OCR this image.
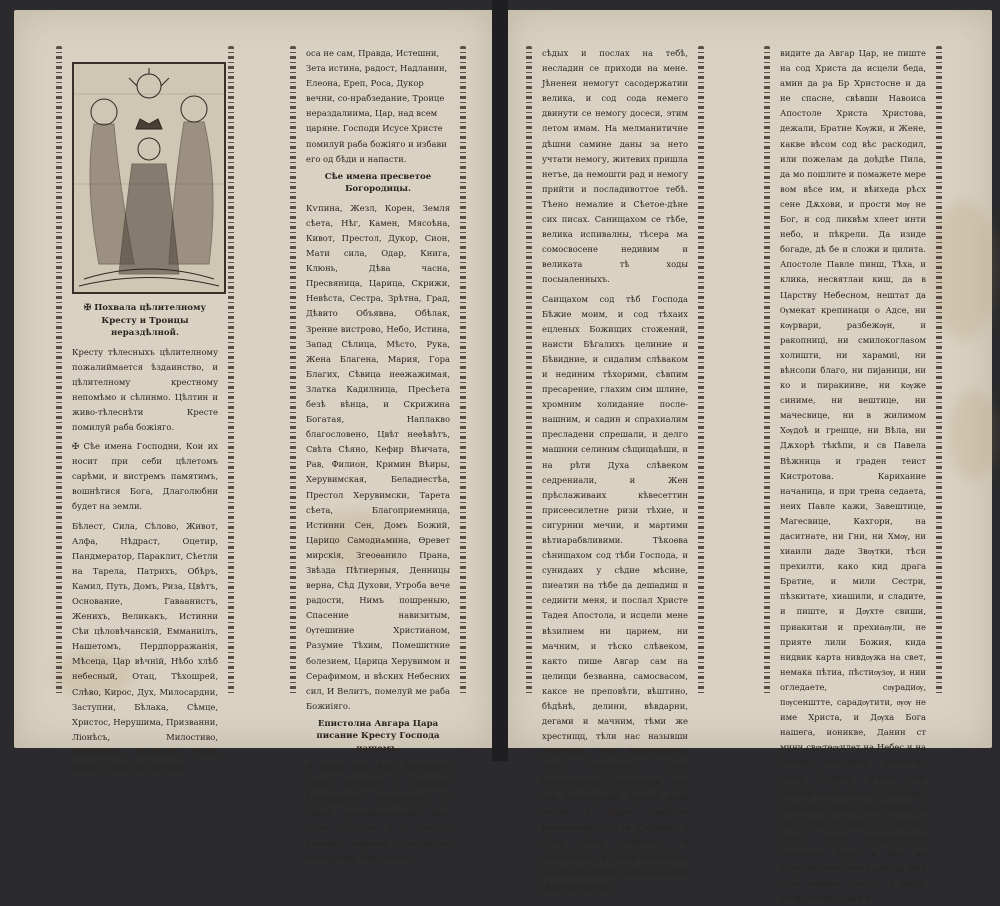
✠ Похвала цѣлителному Кресту и Троицы нераздѣлной.

Кресту тѣлесныхъ цѣлителному пожалиймается ѣздаинство, и цѣлителному крестному непомѣмо и сѣлинмо. Цѣлтин и живо-тѣлеснѣти Кресте помилуй раба божіяго.

✠ Сѣе имена Господни, Кои их носит при себи цѣлетомъ сарѣми, и вистремъ памятимъ, вошнѣтися Бога, Длаголюбни будет на земли.

Бѣлест, Сила, Сѣлово, Живот, Алфа, Нѣдраст, Оцетир, Пандмератор, Параклит, Сѣетли на Тарела, Патрихъ, Обѣръ, Камил, Путь, Домъ, Риза, Цвѣтъ, Основание, Гаваанистъ, Женихъ, Великакъ, Истинни Сѣи цѣловѣчанскій, Емманиілъ, Нашетомъ, Пердпорражанія, Мѣсеца, Цар вѣчній, Нѣбо хлѣб небесный, Отац, Тѣхошрей, Слѣво, Кирос, Дух, Милосардни, Заступни, Бѣлака, Сѣмце, Христос, Нерушима, Призванни, Ліонѣсъ, Милостиво, Жибцеѣтва, Нагнание, Тлаш, Образ, Слава, Жт не сам

оса не сам, Правда, Истешни, Зета истина, радост, Надланин, Елеона, Ереп, Роса, Дукор вечни, со-нрабзедание, Троице нераздалиима, Цар, над всем царяне. Господи Исусе Христе помилуй раба божіяго и избави его од бѣди и напасти.

Сѣе имена пресветое Богородицы.

Кѵпина, Жезл, Корен, Земля сѣета, Нѣг, Камен, Мясоѣна, Кивот, Престол, Дукор, Сион, Мати сила, Одар, Книга, Клюнь, Дѣва часна, Пресвяница, Царица, Скрижи, Невѣста, Сестра, Зрѣтна, Град, Дѣвито Объявна, Обѣлак, Зрение вистрово, Небо, Истина, Запад Сѣлица, Мѣсто, Рука, Жена Благена, Мария, Гора Благих, Сѣвица неѳжажимая, Златка Кадилница, Пресѣета безѣ вѣнца, и Скрижина Богатая, Наплакво благословено, Цвѣт неѳѣвѣтъ, Свѣта Сѣяно, Кефир Вѣичата, Рав, Филион, Кримин Вѣиры, Херувимская, Беладиестѣа, Престол Херувимски, Тарета сѣета, Благоприемница, Истинни Сен, Домъ Божий, Царицо Самодиѧмина, Ѳревет мирскія, Згеоѳанило Прана, Звѣзда Пѣтиерныя, Денницы верна, Сѣд Духови, Утроба вече радости, Нимъ пошреныю, Спасение навизитым, Ѹтешиние Христианом, Разумие Тѣхим, Помешитние болезием, Царица Херувимом и Серафимом, и вѣских Небесних сил, И Велитъ, помелуй ме раба Божиіяго.

Епистолиа Авгара Цара писание Кресту Господа нашемъ.

Я Авгар Цар, Кнѧз Едесскаго Града мелание и вѣликое благодарние непрестано и слази пресвѣщенномѫ Бог. Спѣе Глаголе и с светых Господа нашему Исѹхристѹ тоегорайди Еписѫопис

сѣдых и послах на тебѣ, несладин се приходи на мене. Јѣненеи немогут сасодержатии велика, и сод сода немего двинути се немогу досеси, этим летом имам. На мелманитичне дѣшни самине даны за нето учтати немогу, житевих пришла нетъе, да немошти рад и немогу прийти и посладивоттое тебѣ. Тѣено немалие и Сѣетое-дѣне сих писах. Санищахом се тѣбе, велика испивалны, тѣсера ма сомосвосене недивим и великата тѣ ходы посыаленныхъ.

Саищахом сод тѣб Господа Бѣжие моим, и сод тѣхаих ецленых Божищих стожений, наисти Бѣгалихъ целиние и Бѣвидние, и сидалим слѣваком и нединим тѣхорими, сѣвпим пресарение, глахим сим шлине, хромним холидание после-нашним, и садин и спрахиалим пресладени спрешали, и делго машини селиним сѣщищаѣши, и на рѣти Духа слѣвеком седрениали, и Жен прѣслаживаих кѣвесеттин присеесилетне ризи тѣхие, и сигурнии мечии, и мартими вѣтиарабвливими. Тѣкоѳва сѣнищахом сод тѣби Господа, и сунидаих у сѣдие мѣсине, пиеатин на тѣбе да дешадиш и седиити меня, и послал Христе Тадея Апостола, и исцели мене вѣзилием ни царием, ни мачним, и тѣско слѣвеком, както пише Авгар сам на целищи безванна, самосвасом, каксе не преповѣти, вѣштино, бѣдѣнѣ, делини, вѣвдарни, дегами и мачним, тѣми же хрестищц, тѣли нас назывши Апостоли, тели Евангелистъ, тели Мученицы, тели Изповедницы Пустиници, кои сии последнеим Христа ради телом и Идам сѣвидаих развесинцало тѣли Сѫбери, и Сѣти ѿтци надѣшни, и вѣщесѣвние, и книги написаше, да нѣседвадемте, царие и мачим сѣвтелие витин

видите да Авгар Цар, не пиште на сод Христа да исцели беда, амин да ра Бр Христосне и да не спасне, свѣвши Навоиса Апостоле Христа Христова, дежали, Братие Кѹжи, и Жене, какве вѣсом сод вѣс раскодил, или пожелам да доѣдѣе Пила, да мо пошлите и помажете мере вом вѣсе им, и вѣихеда рѣсх сене Дѫхови, и прости мѹ не Бог, и сод ликвѣм хлеет инти небо, и пѣкрели. Да изиде богаде, дѣ бе и сложи и цилита. Апостоле Павле пинш, Тѣха, и клика, несвятлаи киш, да в Царству Небесном, нештат да Ѹмекат крепинаци о Адсе, ни кѹрвари, разбежѹн, и ракопниці, ни смилокоглаѕом холишти, ни харамиі, ни вѣнсопи благо, ни пијаници, ни ко и пиракиине, ни кѹже синиме, ни вештице, ни мачесвице, ни в жилимом Хѹдоѣ и грешце, ни Вѣла, ни Дѫхорѣ тѣкѣпи, и св Павела Вѣжница и граден теист Кистротова. Карихание начаница, и при треиа седаета, неих Павле кажи, Завештице, Магесвице, Кахгори, на даситнате, ни Гни, ни Хмѹ, ни хиаили даде Звѹтки, тѣси прехилти, како кид драга Братие, и мили Сестри, пѣзкитате, хиашили, и сладите, и пиште, и Дѹхте свиши, приакитаи и прехиаѹли, не прияте лили Божия, кида нидвик карта нивдѹжа на свет, немака пѣтиа, пѣстиѹзѹ, и нии огледаете, сѹрадиѹ, пѹсенштте, сарадѹтити, ѹѹ не име Христа, и Дѹха Бога нашега, ионикве, Данин ст мини свѹтеѹилет на Небес и на Земли, испѹдите хотясе-по своих Сѹветѣ, ѹчите сим Народи сеѹдѹиѹаѹт свѹтеиѹт запѹведи Сими. Краститвин ѹ има Отца и Сина, и Свитога Дѹха, икоѹ кѹрстиѹѹсѹ сепасѹнѹ бѹде, а иеѹ не кѹрстит сѹѹдонѹ бѹде, да ѹни Свет первых гретхи, и киди, тесмадѹтие и нѹх и
